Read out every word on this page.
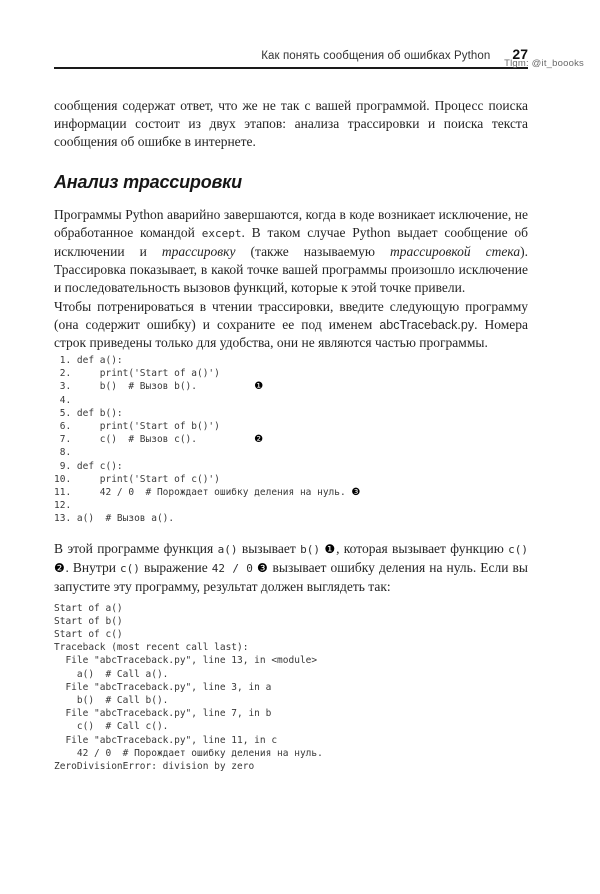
Tlgm: @it_boooks
Как понять сообщения об ошибках Python 27

сообщения содержат ответ, что же не так с вашей программой. Процесс поиска информации состоит из двух этапов: анализа трассировки и поиска текста сообщения об ошибке в интернете.

Анализ трассировки

Программы Python аварийно завершаются, когда в коде возникает исключение, не обработанное командой except. В таком случае Python выдает сообщение об исключении и трассировку (также называемую трассировкой стека). Трассировка показывает, в какой точке вашей программы произошло исключение и последовательность вызовов функций, которые к этой точке привели.

Чтобы потренироваться в чтении трассировки, введите следующую программу (она содержит ошибку) и сохраните ее под именем abcTraceback.py. Номера строк приведены только для удобства, они не являются частью программы.

1. def a():
2.     print('Start of a()')
3.     b()  # Вызов b().          ❶
4.
5. def b():
6.     print('Start of b()')
7.     c()  # Вызов c().          ❷
8.
9. def c():
10.     print('Start of c()')
11.     42 / 0  # Порождает ошибку деления на нуль. ❸
12.
13. a()  # Вызов a().

В этой программе функция a() вызывает b() ❶, которая вызывает функцию c() ❷. Внутри c() выражение 42 / 0 ❸ вызывает ошибку деления на нуль. Если вы запустите эту программу, результат должен выглядеть так:

Start of a()
Start of b()
Start of c()
Traceback (most recent call last):
File "abcTraceback.py", line 13, in <module>
a()  # Call a().
File "abcTraceback.py", line 3, in a
b()  # Call b().
File "abcTraceback.py", line 7, in b
c()  # Call c().
File "abcTraceback.py", line 11, in c
42 / 0  # Порождает ошибку деления на нуль.
ZeroDivisionError: division by zero
